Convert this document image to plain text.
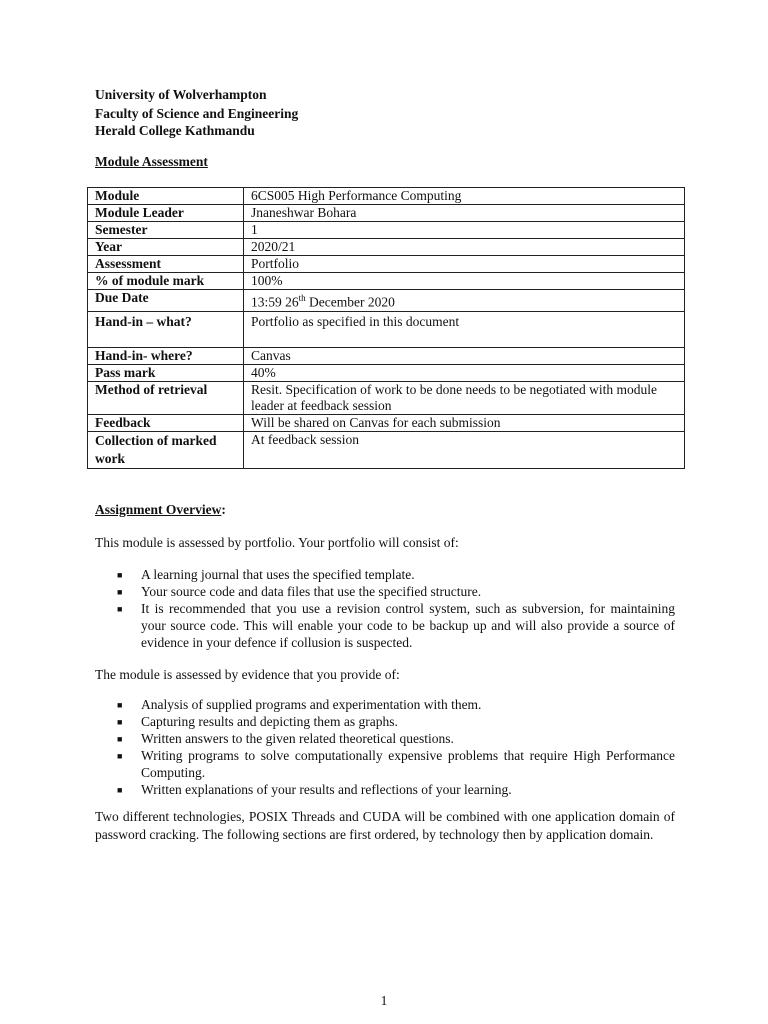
University of Wolverhampton
Faculty of Science and Engineering
Herald College Kathmandu
Module Assessment
Module	6CS005 High Performance Computing
Module Leader	Jnaneshwar Bohara
Semester	1
Year	2020/21
Assessment	Portfolio
% of module mark	100%
Due Date	13:59 26th December 2020
Hand-in – what?	Portfolio as specified in this document
Hand-in- where?	Canvas
Pass mark	40%
Method of retrieval	Resit. Specification of work to be done needs to be negotiated with module leader at feedback session
Feedback	Will be shared on Canvas for each submission
Collection of marked work	At feedback session
Assignment Overview:
This module is assessed by portfolio. Your portfolio will consist of:
■ A learning journal that uses the specified template.
■ Your source code and data files that use the specified structure.
■ It is recommended that you use a revision control system, such as subversion, for maintaining your source code. This will enable your code to be backup up and will also provide a source of evidence in your defence if collusion is suspected.
The module is assessed by evidence that you provide of:
■ Analysis of supplied programs and experimentation with them.
■ Capturing results and depicting them as graphs.
■ Written answers to the given related theoretical questions.
■ Writing programs to solve computationally expensive problems that require High Performance Computing.
■ Written explanations of your results and reflections of your learning.
Two different technologies, POSIX Threads and CUDA will be combined with one application domain of password cracking. The following sections are first ordered, by technology then by application domain.
1
